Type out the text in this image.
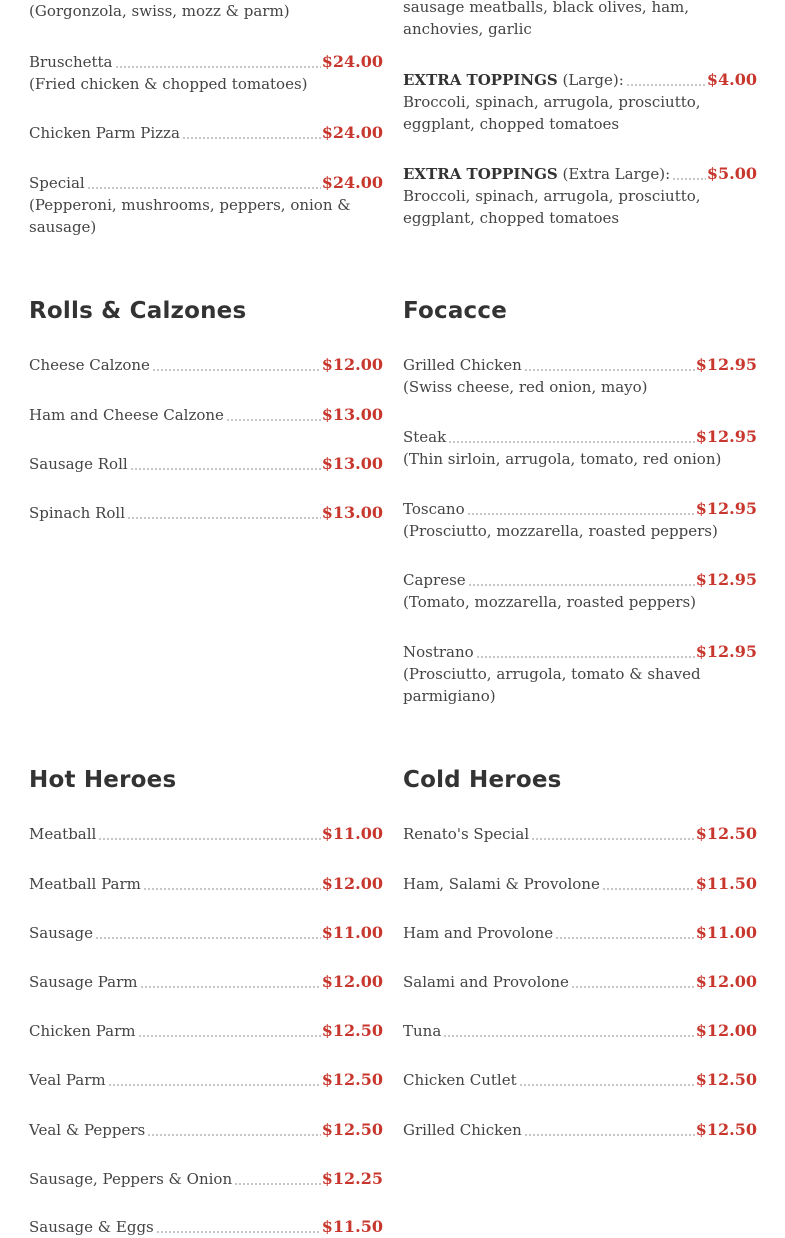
(Gorgonzola, swiss, mozz & parm)
Bruschetta	$24.00
(Fried chicken & chopped tomatoes)
Chicken Parm Pizza	$24.00
Special	$24.00
(Pepperoni, mushrooms, peppers, onion & sausage)
Rolls & Calzones
Cheese Calzone	$12.00
Ham and Cheese Calzone	$13.00
Sausage Roll	$13.00
Spinach Roll	$13.00
Hot Heroes
Meatball	$11.00
Meatball Parm	$12.00
Sausage	$11.00
Sausage Parm	$12.00
Chicken Parm	$12.50
Veal Parm	$12.50
Veal & Peppers	$12.50
Sausage, Peppers & Onion	$12.25
Sausage & Eggs	$11.50
sausage meatballs, black olives, ham, anchovies, garlic
EXTRA TOPPINGS (Large):	$4.00
Broccoli, spinach, arrugola, prosciutto, eggplant, chopped tomatoes
EXTRA TOPPINGS (Extra Large): $5.00
Broccoli, spinach, arrugola, prosciutto, eggplant, chopped tomatoes
Focacce
Grilled Chicken	$12.95
(Swiss cheese, red onion, mayo)
Steak	$12.95
(Thin sirloin, arrugola, tomato, red onion)
Toscano	$12.95
(Prosciutto, mozzarella, roasted peppers)
Caprese	$12.95
(Tomato, mozzarella, roasted peppers)
Nostrano	$12.95
(Prosciutto, arrugola, tomato & shaved parmigiano)
Cold Heroes
Renato's Special	$12.50
Ham, Salami & Provolone	$11.50
Ham and Provolone	$11.00
Salami and Provolone	$12.00
Tuna	$12.00
Chicken Cutlet	$12.50
Grilled Chicken	$12.50
